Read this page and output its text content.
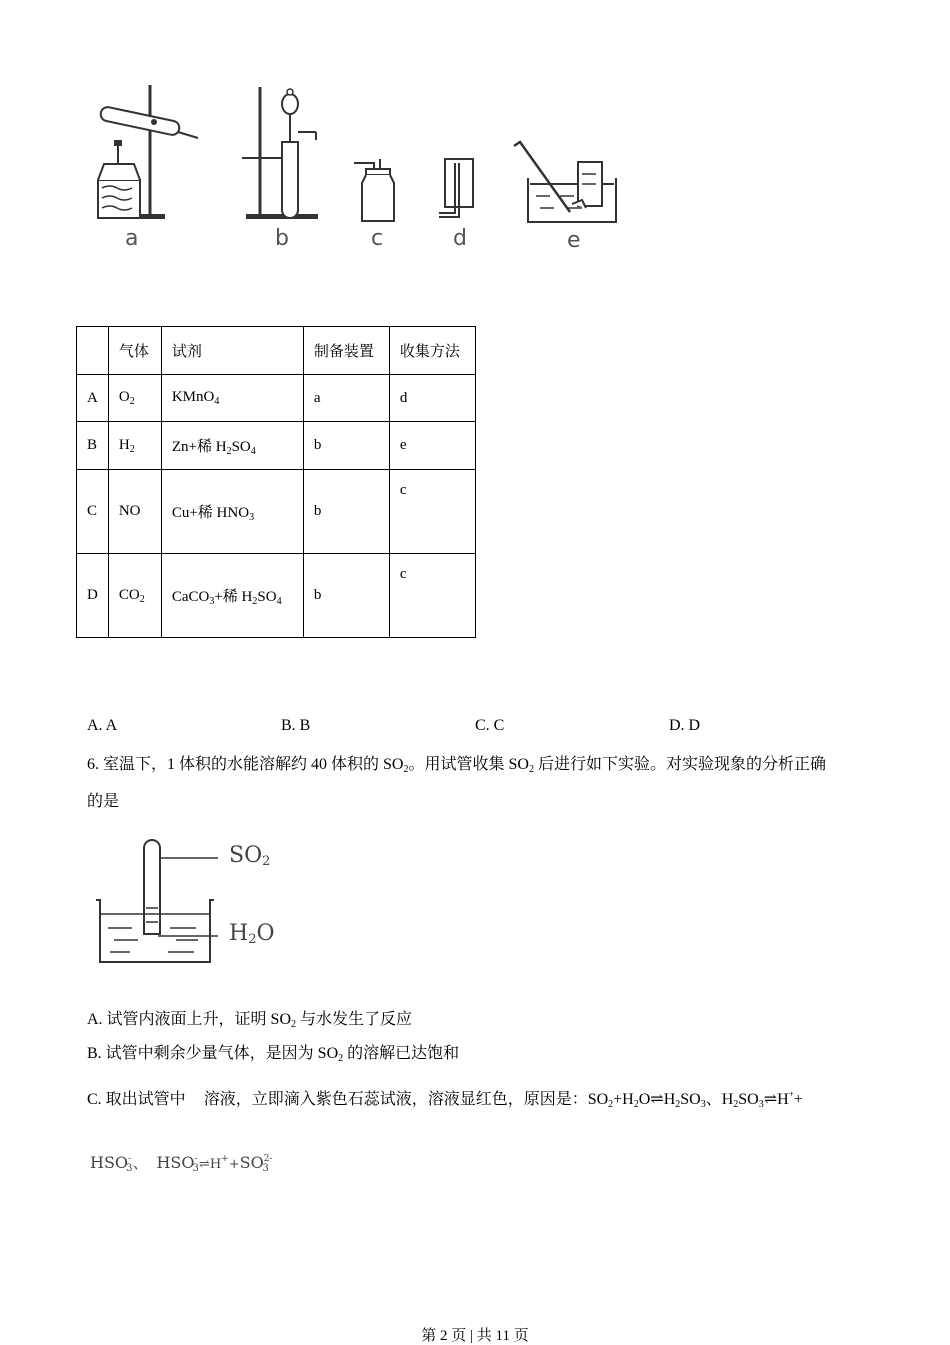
a	b	c	d	e
	气体	试剂	制备装置	收集方法
A	$O_2$	KMnO$_4$	a	d
B	$H_2$	Zn+稀 $H_2SO_4$	b	e
C	NO	Cu+稀 $HNO_3$	b	c
D	$CO_2$	CaCO$_3$+稀 $H_2SO_4$	b	c
A. A	B. B	C. C	D. D
6. 室温下，1 体积的水能溶解约 40 体积的 $SO_2$。用试管收集 $SO_2$ 后进行如下实验。对实验现象的分析正确
的是
$SO_2$
$H_2O$
A. 试管内液面上升，证明 $SO_2$ 与水发生了反应
B. 试管中剩余少量气体，是因为 $SO_2$ 的溶解已达饱和
C. 取出试管中 溶液，立即滴入紫色石蕊试液，溶液显红色，原因是：$SO_2+H_2O\rightleftharpoons H_2SO_3$、$H_2SO_3\rightleftharpoons H^++$
$HSO^-_3$、 $HSO^-_3\rightleftharpoons H^++SO^{2-}_3$
第 2 页 | 共 11 页
